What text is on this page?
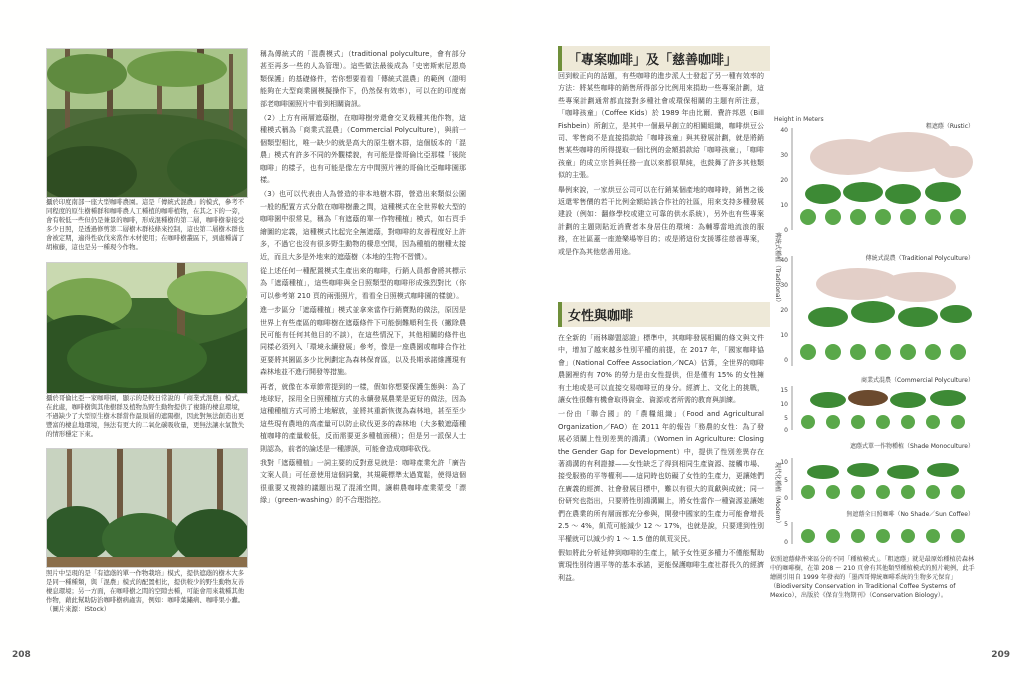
攝於印度南部一座大型咖啡農園。這是「傳統式混農」的模式，參考不同程度的原生樹種群和咖啡農人工種植的咖啡植物，在其之下的一旁，會有較低一些但仍是兼景的咖啡，形成混種樹的第二層，咖啡樹豢接受多少日照，是透過修剪第二層樹木群枝條來控制，這也第二層樹木群也會被定期，適得性砍伐來當作木材使用；在咖啡樹叢區下，到處種滿了胡椒藤，這也是另一種現今作物。
攝於哥倫比亞一家咖啡園，顯示的是較日常說的「商業式混農」模式，在此處，咖啡樹與其他樹群及植物為野生動物提供了複雜的棲息環境，不過缺少了大型原生樹木群當作最頂層的遮陽樹，因此對無法創造出更豐富的棲息地環境，無法有更大的二氧化碳吸收量，更無法讓水氣散失的情形穩定下來。
照片中呈現的是「有遮蔭的單一作物栽培」模式，提供遮蔭的樹木大多是同一種種類，與「混農」模式的配置相比，提供較少的野生動物友善棲息環境；另一方面，在咖啡樹之間的空隙去種，可能會用來栽種其他作物，藉此幫助防治咖啡樹病蟲害，例如：咖啡葉鏽病、咖啡果小蠹。（圖片來源：iStock）

稱為傳統式的「混農模式」（traditional polyculture，會有部分甚至再多一些的人為管理）。這些做法最後成為「史密斯索尼恩鳥類保護」的基礎條件，若你想要看看「傳統式混農」的範例（證明能夠在大型商業園模擬操作下，仍然保有效率），可以在的印度南部老咖啡園照片中看到相關資訊。

（2）上方有兩層遮蔭樹，在咖啡樹旁還會交叉栽種其他作物，這種模式稱為「商業式混農」（Commercial Polyculture），與前一個類型相比，唯一缺少的就是高大的原生樹木群，這個版本的「混農」模式有許多不同的外觀樣貌，有可能是像哥倫比亞那樣「後院咖啡」的樣子，也有可能是像左方中間照片裡的哥倫比亞咖啡園那樣。

（3）也可以代表由人為營造的非本地樹木群，營造出來類似公園一般的配置方式分散在咖啡樹叢之間，這種模式在全世界較大型的咖啡園中很常見，稱為「有遮蔭的單一作物種植」模式，如右頁手繪圖的定義，這種模式比起完全無遮蔭，對咖啡的友善程度好上許多，不過它也沒有很多野生動物的棲息空間，因為種植的樹種太接近，而且大多是外地來的遮蔭樹（本地的生物不習慣）。

從上述任何一種配置模式生產出來的咖啡，行銷人員都會將其標示為「遮蔭種植」，這些咖啡與全日照類型的咖啡形成強烈對比（你可以參考第 210 頁的兩張照片，看看全日照模式咖啡園的樣貌）。

進一步區分「遮蔭種植」模式並拿來當作行銷賣點的做法，原因是世界上有些產區的咖啡樹在遮蔭條件下可能倒難順利生長（撇除農民可能有任何其他目的不談），在這些情況下，其他相關的條件也同樣必須列入「環境永續發展」參考，像是一座農園或咖啡合作社更要將其園區多少比例劃定為森林保育區，以及長期承諾維護現有森林地並不進行開發等措施。

再者，就像在本章節常提到的一樣，假如你想要保護生態與：為了地球好，採用全日照種植方式的永續發展農業是更好的做法，因為這種種植方式可將土地解放，並將其重新恢復為森林地，甚至至少這些現有農地的高產量可以防止砍伐更多的森林地（大多數遮蔭種植咖啡的產量較低，反而需要更多種植面積）；但是另一派保人士則認為，前者的論述是一種謬誤，可能會造成咖啡砍伐。

我對「遮蔭種植」一詞主要的反對意見就是：咖啡產業允許「廣告文案人員」可任意使用這個詞彙，其規範標準太過寬鬆，使得這個很重要又複雜的議題出現了混淆空間，讓耕農咖啡產業蒙受「漂綠」（green-washing）的不合理指控。

208
「專案咖啡」及「慈善咖啡」

回到較正向的話題，有些咖啡的進步派人士發起了另一種有效率的方法：將某些咖啡的銷售所得部分比例用來捐助一些專案計劃，這些專案計劃通常都直接對多種社會或環保相關的主題有所注意，「咖啡孩童」（Coffee Kids）於 1989 年由比爾．費許邦恩（Bill Fishbein）所創立，是其中一個最早創立的相關組織，咖啡烘豆公司、零售商不是直接捐款給「咖啡孩童」與其發展計劃，就是將銷售某些咖啡的所得提取一個比例的金額捐款給「咖啡孩童」，「咖啡孩童」的成立宗旨與任務一直以來都很單純，也鼓舞了許多其他類似的主張。

舉例來說，一家烘豆公司可以在行銷某個產地的咖啡時，銷售之後返還零售價的若干比例金額給該合作社的社區，用來支持多種發展建設（例如：翻修學校或建立可靠的供水系統），另外也有些專案計劃的主題則貼近消費者本身居住的環境：為輔導當地流浪的服務，在社區蓋一座遊樂場等目的；或是將這份支援導往慈善專案，或是作為其他慈善用途。

女性與咖啡

在全新的「雨林聯盟認證」標準中，其咖啡發展相關的條文與文件中，增加了越來越多性別平權的前提，在 2017 年，「國家咖啡協會」（National Coffee Association／NCA）估算，全世界的咖啡農園裡約有 70% 的勞力是由女性提供，但是僅有 15% 的女性擁有土地或是可以直接交易咖啡豆的身分。經濟上、文化上的挑戰，讓女性很難有機會取得資金、資源或者所需的教育與訓練。

一份由「聯合國」的「農糧組織」（Food and Agricultural Organization／FAO）在 2011 年的報告「務農的女性：為了發展必須關上性別差異的鴻溝」（Women in Agriculture: Closing the Gender Gap for Development）中，提供了性別差異存在著鴻溝的有利證據——女性缺乏了得到相同生產資源、接觸市場、接受服務的平等權利——這同時也妨礙了女性的生產力，更讓她們在廣義的經濟、社會發展目標中，難以有很大的貢獻與成就；同一份研究也指出，只要將性別鴻溝關上，將女性當作一種資源並讓她們在農業的所有層面都充分參與，開發中國家的生產力可能會增長 2.5 ～ 4%，飢荒可能減少 12 ～ 17%，也就是說，只要達到性別平權就可以減少約 1 ～ 1.5 億的飢荒災民。

假如將此分析延伸到咖啡的生產上，賦予女性更多權力不僅能幫助實現性別待遇平等的基本承諾，更能保護咖啡生產社群長久的經濟利益。

Height in Meters
40
30
20
10
0
粗遮蔭（Rustic）
40
30
20
10
0
傳統式混農（Traditional Polyculture）
15
10
5
0
商業式混農（Commercial Polyculture）
10
5
0
遮蔭式單一作物種植（Shade Monoculture）
5
0
無遮蔭全日照咖啡（No Shade／Sun Coffee）
傳統式種植（Traditional）
現代化種植（Modern）
依照遮蔭條件來區分的不同「種植模式」。「粗遮蔭」就是最原始種植於森林中的咖啡樹，在第 208 ～ 210 頁會有其他類型種植模式的照片範例，此手繪圖引用自 1999 年發表的「墨西哥傳統咖啡系統的生物多元保育」（Biodiversity Conservation in Traditional Coffee Systems of Mexico），出版於《保育生物期刊》（Conservation Biology）。
209
